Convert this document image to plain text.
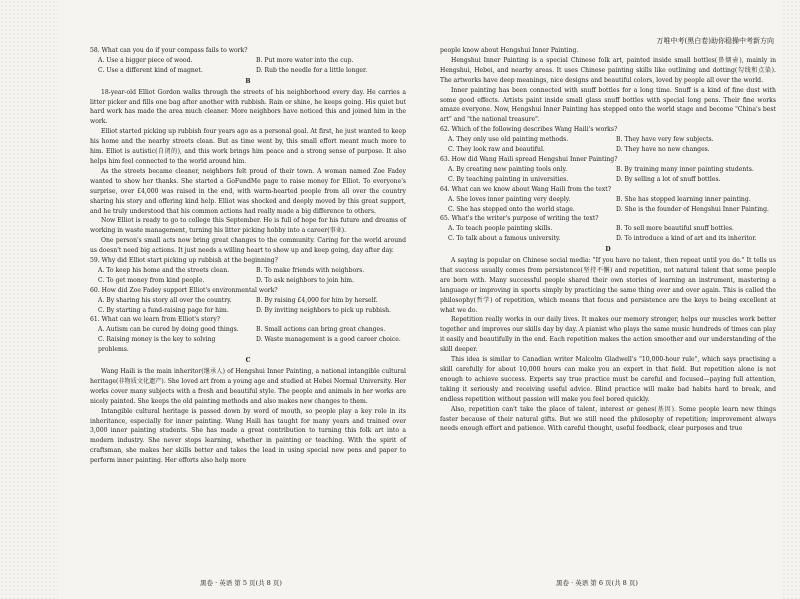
万唯中考(黑白卷)助你稳操中考新方向

58. What can you do if your compass fails to work?

A. Use a bigger piece of wood.	B. Put more water into the cup.
C. Use a different kind of magnet.	D. Rub the needle for a little longer.

B

18-year-old Elliot Gordon walks through the streets of his neighborhood every day. He carries a litter picker and fills one bag after another with rubbish. Rain or shine, he keeps going. His quiet but hard work has made the area much cleaner. More neighbors have noticed this and joined him in the work.

Elliot started picking up rubbish four years ago as a personal goal. At first, he just wanted to keep his home and the nearby streets clean. But as time went by, this small effort meant much more to him. Elliot is autistic(自闭的), and this work brings him peace and a strong sense of purpose. It also helps him feel connected to the world around him.

As the streets became cleaner, neighbors felt proud of their town. A woman named Zoe Fadey wanted to show her thanks. She started a GoFundMe page to raise money for Elliot. To everyone's surprise, over £4,000 was raised in the end, with warm-hearted people from all over the country sharing his story and offering kind help. Elliot was shocked and deeply moved by this great support, and he truly understood that his common actions had really made a big difference to others.

Now Elliot is ready to go to college this September. He is full of hope for his future and dreams of working in waste management, turning his litter picking hobby into a career(事业).

One person's small acts now bring great changes to the community. Caring for the world around us doesn't need big actions. It just needs a willing heart to show up and keep going, day after day.

59. Why did Elliot start picking up rubbish at the beginning?

A. To keep his home and the streets clean.	B. To make friends with neighbors.
C. To get money from kind people.	D. To ask neighbors to join him.

60. How did Zoe Fadey support Elliot's environmental work?

A. By sharing his story all over the country.	B. By raising £4,000 for him by herself.
C. By starting a fund-raising page for him.	D. By inviting neighbors to pick up rubbish.

61. What can we learn from Elliot's story?

A. Autism can be cured by doing good things.	B. Small actions can bring great changes.
C. Raising money is the key to solving problems.
D. Waste management is a good career choice.

C

Wang Haili is the main inheritor(继承人) of Hengshui Inner Painting, a national intangible cultural heritage(非物质文化遗产). She loved art from a young age and studied at Hebei Normal University. Her works cover many subjects with a fresh and beautiful style. The people and animals in her works are nicely painted. She keeps the old painting methods and also makes new changes to them.

Intangible cultural heritage is passed down by word of mouth, so people play a key role in its inheritance, especially for inner painting. Wang Haili has taught for many years and trained over 3,000 inner painting students. She has made a great contribution to turning this folk art into a modern industry. She never stops learning, whether in painting or teaching. With the spirit of craftsman, she makes her skills better and takes the lead in using special new pens and paper to perform inner painting. Her efforts also help more

people know about Hengshui Inner Painting.

Hengshui Inner Painting is a special Chinese folk art, painted inside small bottles(鼻烟壶), mainly in Hengshui, Hebei, and nearby areas. It uses Chinese painting skills like outlining and dotting(勾线和点染). The artworks have deep meanings, nice designs and beautiful colors, loved by people all over the world.

Inner painting has been connected with snuff bottles for a long time. Snuff is a kind of fine dust with some good effects. Artists paint inside small glass snuff bottles with special long pens. Their fine works amaze everyone. Now, Hengshui Inner Painting has stepped onto the world stage and become "China's best art" and "the national treasure".

62. Which of the following describes Wang Haili's works?

A. They only use old painting methods.	B. They have very few subjects.
C. They look raw and beautiful.	D. They have no new changes.

63. How did Wang Haili spread Hengshui Inner Painting?

A. By creating new painting tools only.	B. By training many inner painting students.
C. By teaching painting in universities.	D. By selling a lot of snuff bottles.

64. What can we know about Wang Haili from the text?

A. She loves inner painting very deeply.	B. She has stopped learning inner painting.
C. She has stepped onto the world stage.	D. She is the founder of Hengshui Inner Painting.

65. What's the writer's purpose of writing the text?

A. To teach people painting skills.	B. To sell more beautiful snuff bottles.
C. To talk about a famous university.	D. To introduce a kind of art and its inheritor.

D

A saying is popular on Chinese social media: "If you have no talent, then repeat until you do." It tells us that success usually comes from persistence(坚持不懈) and repetition, not natural talent that some people are born with. Many successful people shared their own stories of learning an instrument, mastering a language or improving in sports simply by practicing the same thing over and over again. This is called the philosophy(哲学) of repetition, which means that focus and persistence are the keys to being excellent at what we do.

Repetition really works in our daily lives. It makes our memory stronger, helps our muscles work better together and improves our skills day by day. A pianist who plays the same music hundreds of times can play it easily and beautifully in the end. Each repetition makes the action smoother and our understanding of the skill deeper.

This idea is similar to Canadian writer Malcolm Gladwell's "10,000-hour rule", which says practising a skill carefully for about 10,000 hours can make you an expert in that field. But repetition alone is not enough to achieve success. Experts say true practice must be careful and focused—paying full attention, taking it seriously and receiving useful advice. Blind practice will make bad habits hard to break, and endless repetition without passion will make you feel bored quickly.

Also, repetition can't take the place of talent, interest or genes(基因). Some people learn new things faster because of their natural gifts. But we still need the philosophy of repetition; improvement always needs enough effort and patience. With careful thought, useful feedback, clear purposes and true

黑卷 · 英语 第 5 页(共 8 页)	黑卷 · 英语 第 6 页(共 8 页)
